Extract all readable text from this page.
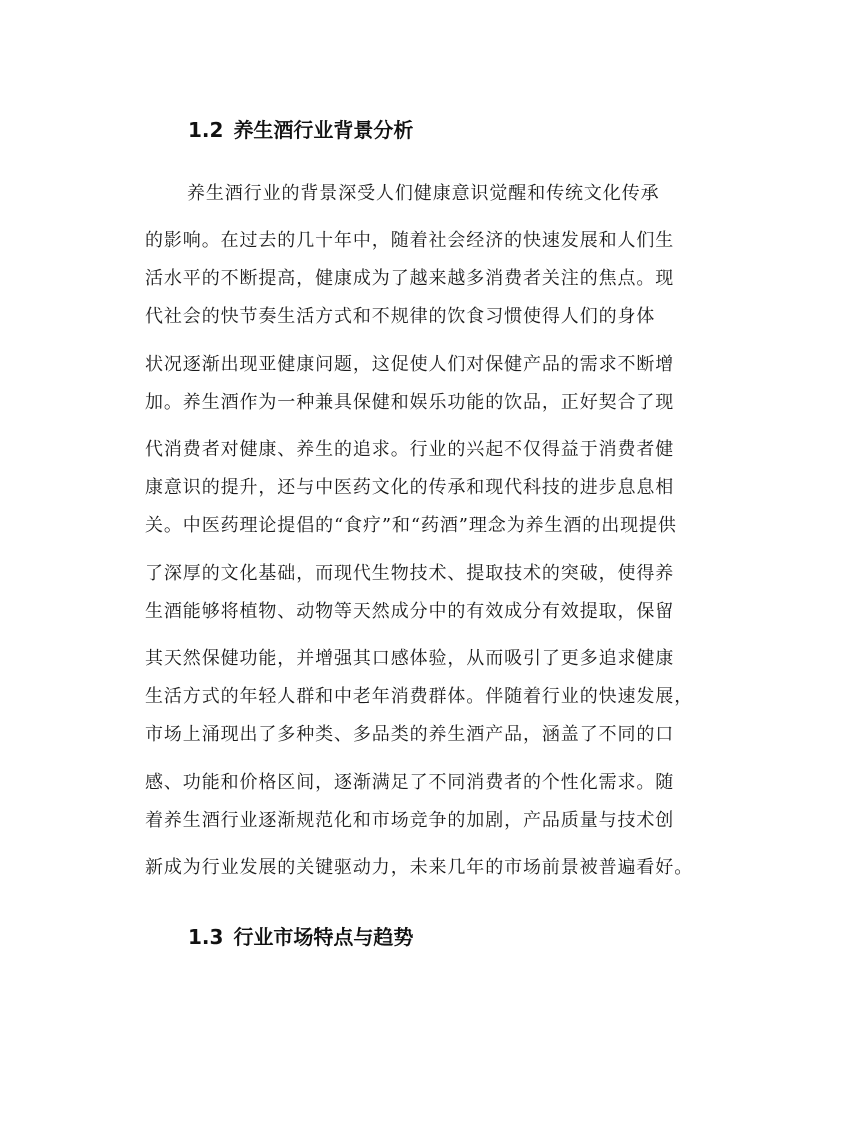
1.2 养生酒行业背景分析
养生酒行业的背景深受人们健康意识觉醒和传统文化传承
的影响。在过去的几十年中，随着社会经济的快速发展和人们生
活水平的不断提高，健康成为了越来越多消费者关注的焦点。现
代社会的快节奏生活方式和不规律的饮食习惯使得人们的身体
状况逐渐出现亚健康问题，这促使人们对保健产品的需求不断增
加。养生酒作为一种兼具保健和娱乐功能的饮品，正好契合了现
代消费者对健康、养生的追求。行业的兴起不仅得益于消费者健
康意识的提升，还与中医药文化的传承和现代科技的进步息息相
关。中医药理论提倡的“食疗”和“药酒”理念为养生酒的出现提供
了深厚的文化基础，而现代生物技术、提取技术的突破，使得养
生酒能够将植物、动物等天然成分中的有效成分有效提取，保留
其天然保健功能，并增强其口感体验，从而吸引了更多追求健康
生活方式的年轻人群和中老年消费群体。伴随着行业的快速发展，
市场上涌现出了多种类、多品类的养生酒产品，涵盖了不同的口
感、功能和价格区间，逐渐满足了不同消费者的个性化需求。随
着养生酒行业逐渐规范化和市场竞争的加剧，产品质量与技术创
新成为行业发展的关键驱动力，未来几年的市场前景被普遍看好。
1.3 行业市场特点与趋势
